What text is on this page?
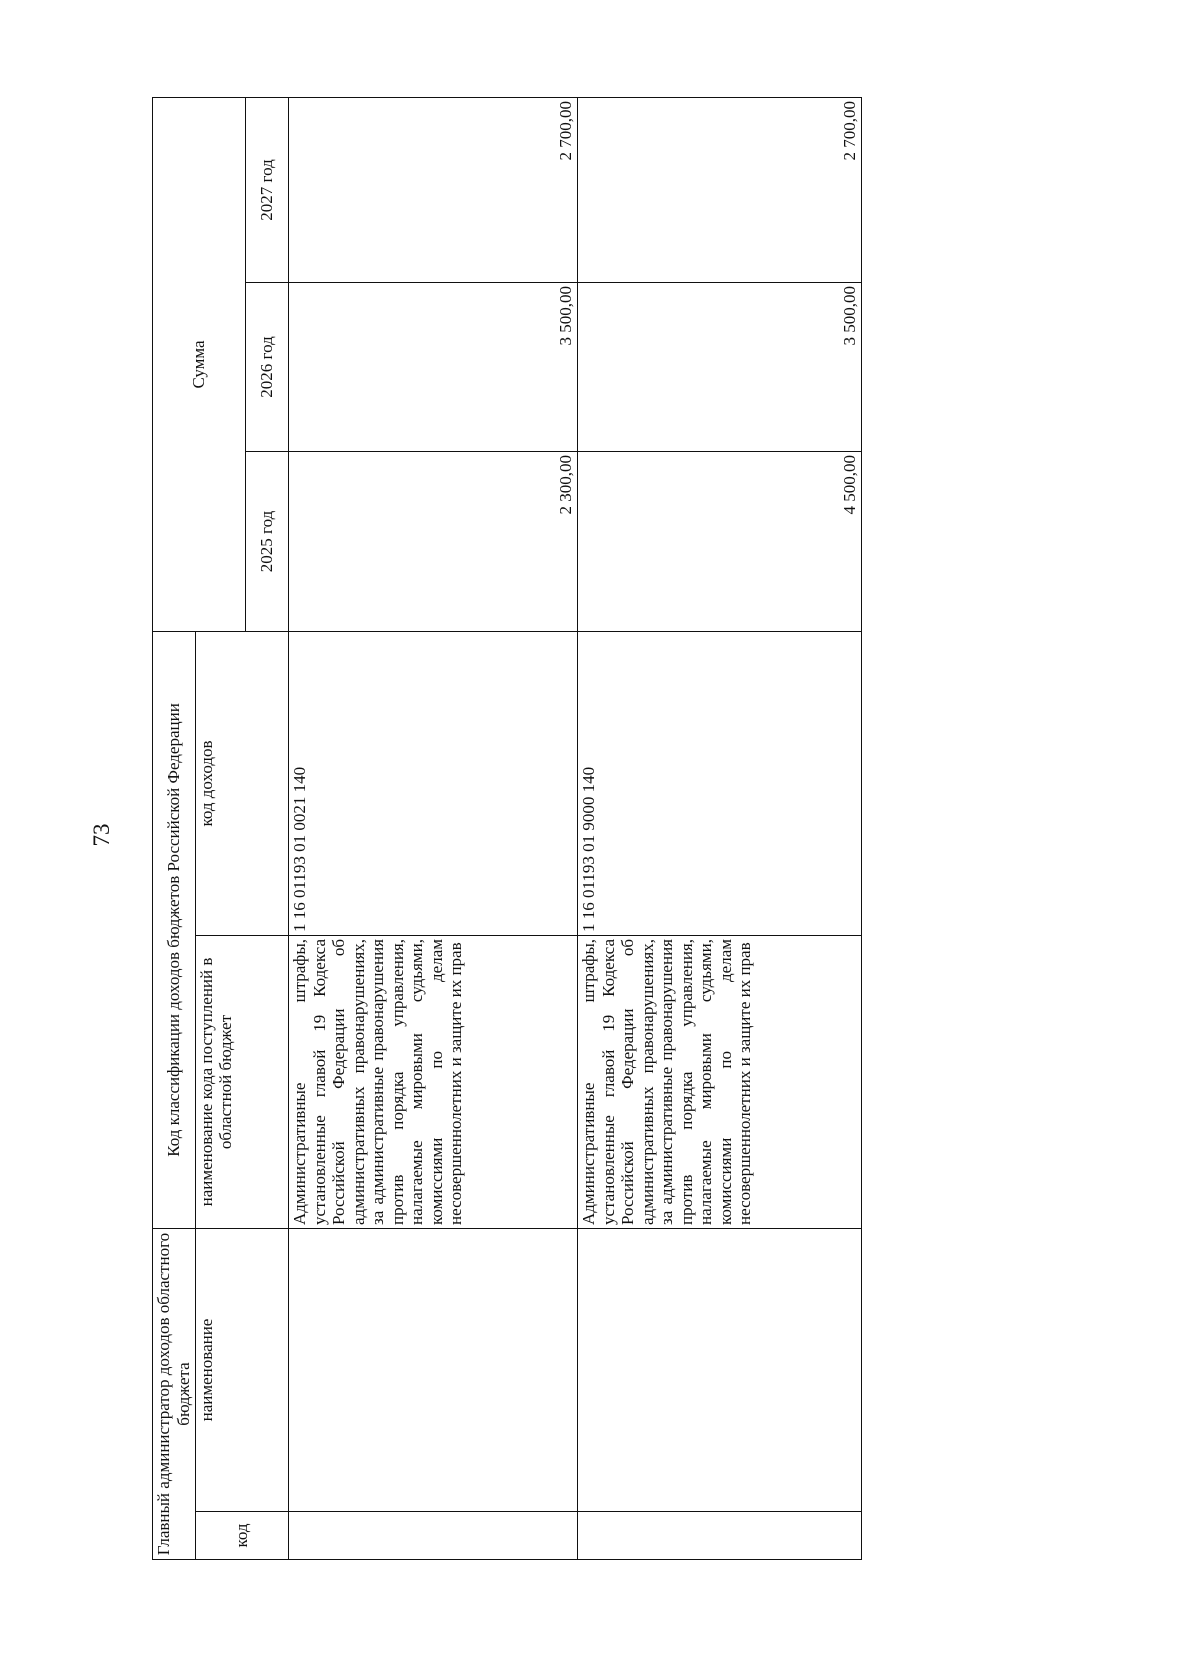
73
Главный администратор доходов областного бюджета		Код классификации доходов бюджетов Российской Федерации		Сумма		
код	наименование	наименование кода поступлений в областной бюджет	код доходов			
				2025 год	2026 год	2027 год
		Административные штрафы, установленные главой 19 Кодекса Российской Федерации об административных правонарушениях, за административные правонарушения против порядка управления, налагаемые мировыми судьями, комиссиями по делам несовершеннолетних и защите их прав	1 16 01193 01 0021 140	2 300,00	3 500,00	2 700,00
		Административные штрафы, установленные главой 19 Кодекса Российской Федерации об административных правонарушениях, за административные правонарушения против порядка управления, налагаемые мировыми судьями, комиссиями по делам несовершеннолетних и защите их прав	1 16 01193 01 9000 140	4 500,00	3 500,00	2 700,00
